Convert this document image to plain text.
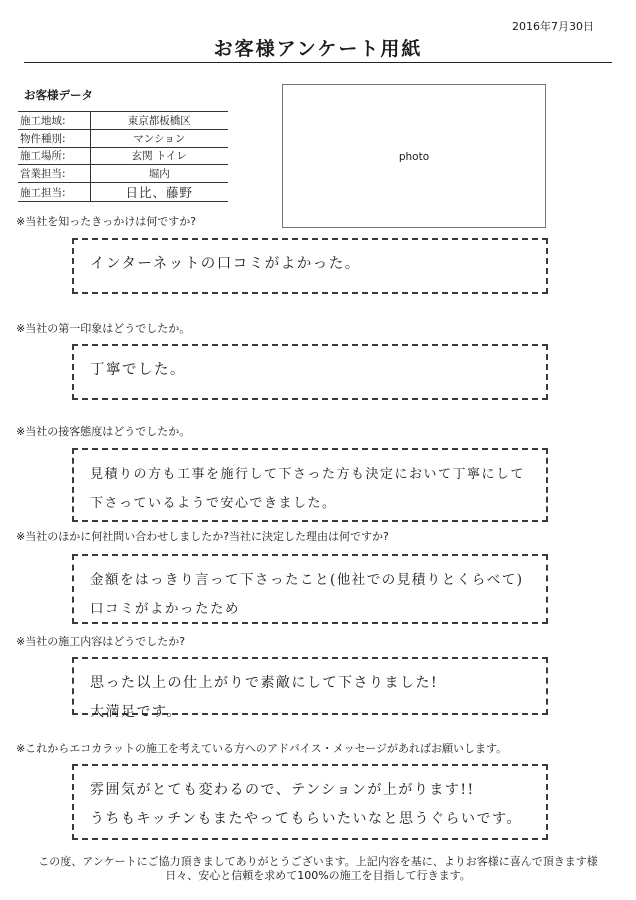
2016年7月30日
お客様アンケート用紙
お客様データ
施工地域:	東京都板橋区
物件種別:	マンション
施工場所:	玄関 トイレ
営業担当:	堀内
施工担当:	日比、藤野
photo
※当社を知ったきっかけは何ですか?
インターネットの口コミがよかった。
※当社の第一印象はどうでしたか。
丁寧でした。
※当社の接客態度はどうでしたか。
見積りの方も工事を施行して下さった方も決定において丁寧にして
下さっているようで安心できました。
※当社のほかに何社問い合わせしましたか?当社に決定した理由は何ですか?
金額をはっきり言って下さったこと(他社での見積りとくらべて)
口コミがよかったため
※当社の施工内容はどうでしたか?
思った以上の仕上がりで素敵にして下さりました!
大満足です。
※これからエコカラットの施工を考えている方へのアドバイス・メッセージがあればお願いします。
雰囲気がとても変わるので、テンションが上がります!!
うちもキッチンもまたやってもらいたいなと思うぐらいです。
この度、アンケートにご協力頂きましてありがとうございます。上記内容を基に、よりお客様に喜んで頂きます様
日々、安心と信頼を求めて100%の施工を目指して行きます。
